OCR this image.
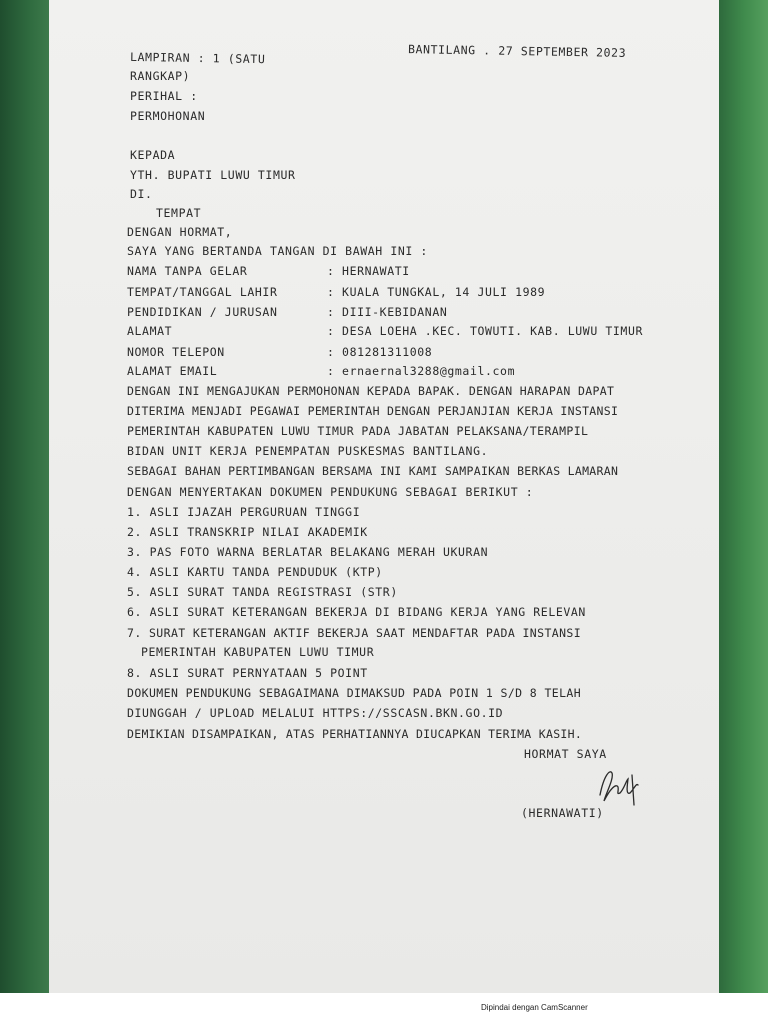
LAMPIRAN : 1 (SATU
RANGKAP)
PERIHAL :
PERMOHONAN
BANTILANG . 27 SEPTEMBER 2023
KEPADA
YTH. BUPATI LUWU TIMUR
DI.
TEMPAT
DENGAN HORMAT,
SAYA YANG BERTANDA TANGAN DI BAWAH INI :
NAMA TANPA GELAR	: HERNAWATI
TEMPAT/TANGGAL LAHIR	: KUALA TUNGKAL, 14 JULI 1989
PENDIDIKAN / JURUSAN	: DIII-KEBIDANAN
ALAMAT	: DESA LOEHA .KEC. TOWUTI. KAB. LUWU TIMUR
NOMOR TELEPON	: 081281311008
ALAMAT EMAIL	: ernaernal3288@gmail.com
DENGAN INI MENGAJUKAN PERMOHONAN KEPADA BAPAK. DENGAN HARAPAN DAPAT
DITERIMA MENJADI PEGAWAI PEMERINTAH DENGAN PERJANJIAN KERJA INSTANSI
PEMERINTAH KABUPATEN LUWU TIMUR PADA JABATAN PELAKSANA/TERAMPIL
BIDAN UNIT KERJA PENEMPATAN PUSKESMAS BANTILANG.
SEBAGAI BAHAN PERTIMBANGAN BERSAMA INI KAMI SAMPAIKAN BERKAS LAMARAN
DENGAN MENYERTAKAN DOKUMEN PENDUKUNG SEBAGAI BERIKUT :
1. ASLI IJAZAH PERGURUAN TINGGI
2. ASLI TRANSKRIP NILAI AKADEMIK
3. PAS FOTO WARNA BERLATAR BELAKANG MERAH UKURAN
4. ASLI KARTU TANDA PENDUDUK (KTP)
5. ASLI SURAT TANDA REGISTRASI (STR)
6. ASLI SURAT KETERANGAN BEKERJA DI BIDANG KERJA YANG RELEVAN
7. SURAT KETERANGAN AKTIF BEKERJA SAAT MENDAFTAR PADA INSTANSI
PEMERINTAH KABUPATEN LUWU TIMUR
8. ASLI SURAT PERNYATAAN 5 POINT
DOKUMEN PENDUKUNG SEBAGAIMANA DIMAKSUD PADA POIN 1 S/D 8 TELAH
DIUNGGAH / UPLOAD MELALUI HTTPS://SSCASN.BKN.GO.ID
DEMIKIAN DISAMPAIKAN, ATAS PERHATIANNYA DIUCAPKAN TERIMA KASIH.
HORMAT SAYA
(HERNAWATI)
Dipindai dengan CamScanner
